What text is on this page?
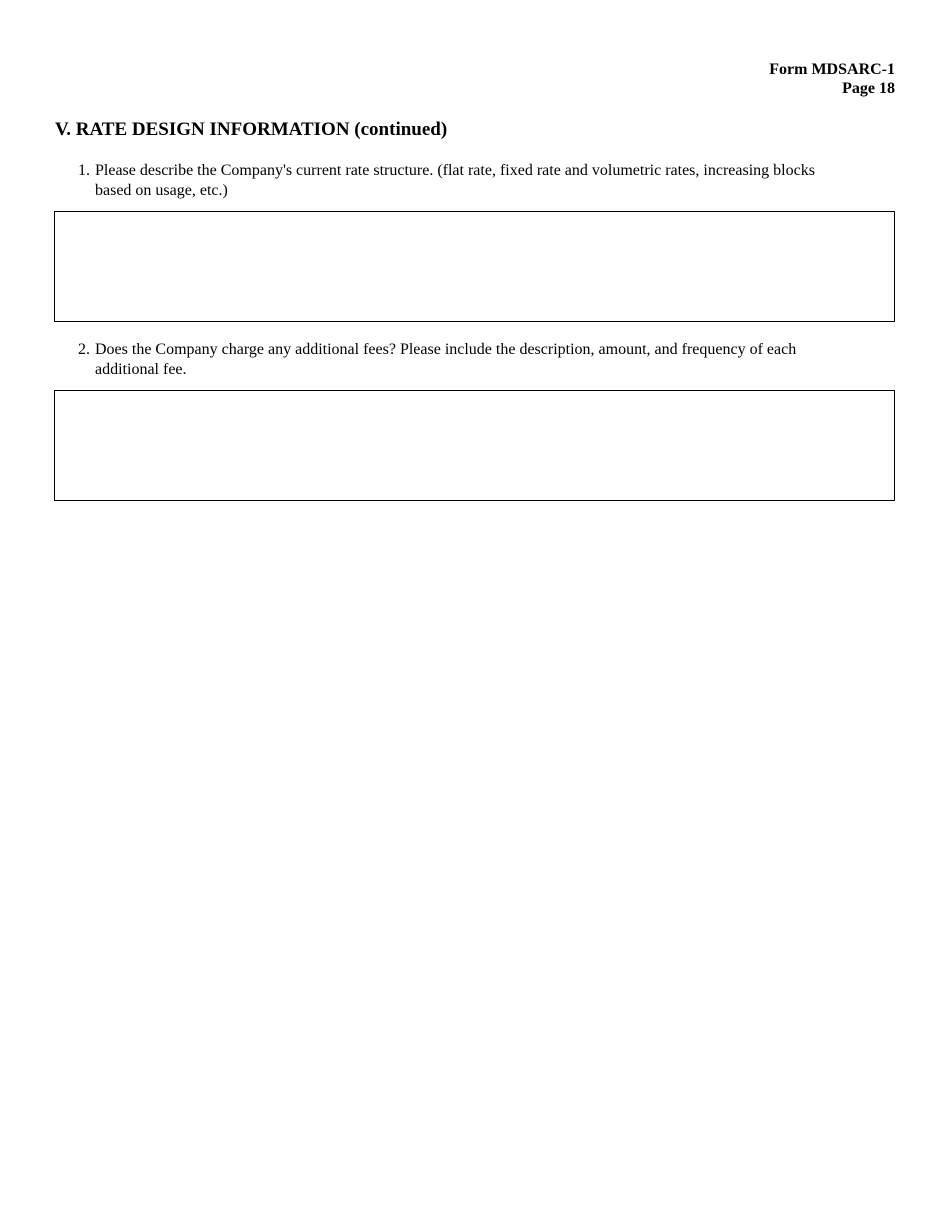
Form MDSARC-1
Page 18
V. RATE DESIGN INFORMATION (continued)
1. Please describe the Company's current rate structure. (flat rate, fixed rate and volumetric rates, increasing blocks based on usage, etc.)
2. Does the Company charge any additional fees? Please include the description, amount, and frequency of each additional fee.
